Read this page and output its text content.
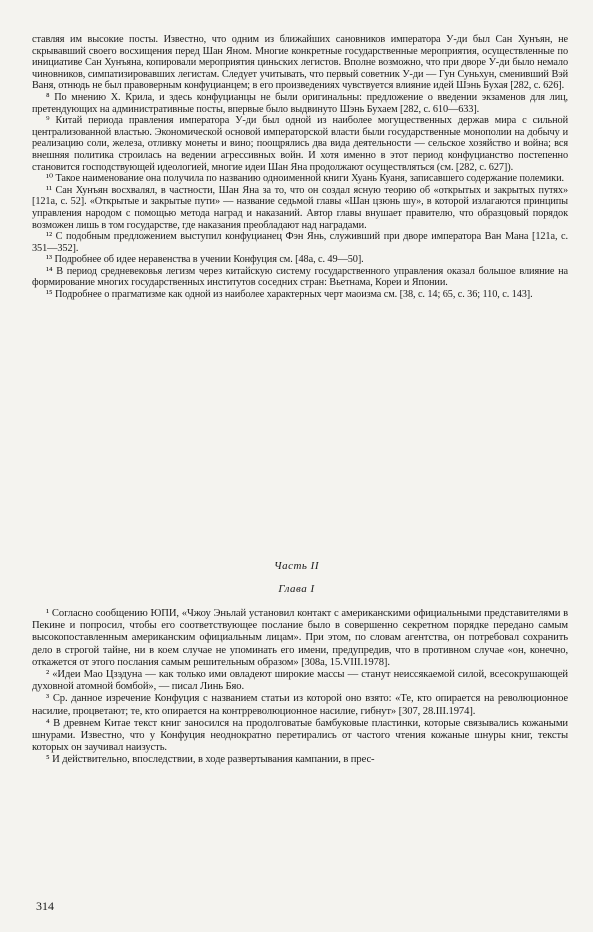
ставляя им высокие посты. Известно, что одним из ближайших сановников императора У-ди был Сан Хунъян, не скрывавший своего восхищения перед Шан Яном. Многие конкретные государственные мероприятия, осуществленные по инициативе Сан Хунъяна, копировали мероприятия циньских легистов. Вполне возможно, что при дворе У-ди было немало чиновников, симпатизировавших легистам. Следует учитывать, что первый советник У-ди — Гун Суньхун, сменивший Вэй Ваня, отнюдь не был правоверным конфуцианцем; в его произведениях чувствуется влияние идей Шэнь Бухая [282, с. 626].

⁸ По мнению Х. Крила, и здесь конфуцианцы не были оригинальны: предложение о введении экзаменов для лиц, претендующих на административные посты, впервые было выдвинуто Шэнь Бухаем [282, с. 610—633].

⁹ Китай периода правления императора У-ди был одной из наиболее могущественных держав мира с сильной централизованной властью. Экономической основой императорской власти были государственные монополии на добычу и реализацию соли, железа, отливку монеты и вино; поощрялись два вида деятельности — сельское хозяйство и война; вся внешняя политика строилась на ведении агрессивных войн. И хотя именно в этот период конфуцианство постепенно становится господствующей идеологией, многие идеи Шан Яна продолжают осуществляться (см. [282, с. 627]).

¹⁰ Такое наименование она получила по названию одноименной книги Хуань Куаня, записавшего содержание полемики.

¹¹ Сан Хунъян восхвалял, в частности, Шан Яна за то, что он создал ясную теорию об «открытых и закрытых путях» [121а, с. 52]. «Открытые и закрытые пути» — название седьмой главы «Шан цзюнь шу», в которой излагаются принципы управления народом с помощью метода наград и наказаний. Автор главы внушает правителю, что образцовый порядок возможен лишь в том государстве, где наказания преобладают над наградами.

¹² С подобным предложением выступил конфуцианец Фэн Янь, служивший при дворе императора Ван Мана [121а, с. 351—352].

¹³ Подробнее об идее неравенства в учении Конфуция см. [48а, с. 49—50].

¹⁴ В период средневековья легизм через китайскую систему государственного управления оказал большое влияние на формирование многих государственных институтов соседних стран: Вьетнама, Кореи и Японии.

¹⁵ Подробнее о прагматизме как одной из наиболее характерных черт маоизма см. [38, с. 14; 65, с. 36; 110, с. 143].

Часть II
Глава I

¹ Согласно сообщению ЮПИ, «Чжоу Эньлай установил контакт с американскими официальными представителями в Пекине и попросил, чтобы его соответствующее послание было в совершенно секретном порядке передано самым высокопоставленным американским официальным лицам». При этом, по словам агентства, он потребовал сохранить дело в строгой тайне, ни в коем случае не упоминать его имени, предупредив, что в противном случае «он, конечно, откажется от этого послания самым решительным образом» [308а, 15.VIII.1978].

² «Идеи Мао Цзэдуна — как только ими овладеют широкие массы — станут неиссякаемой силой, всесокрушающей духовной атомной бомбой», — писал Линь Бяо.

³ Ср. данное изречение Конфуция с названием статьи из которой оно взято: «Те, кто опирается на революционное насилие, процветают; те, кто опирается на контрреволюционное насилие, гибнут» [307, 28.III.1974].

⁴ В древнем Китае текст книг заносился на продолговатые бамбуковые пластинки, которые связывались кожаными шнурами. Известно, что у Конфуция неоднократно перетирались от частого чтения кожаные шнуры книг, тексты которых он заучивал наизусть.

⁵ И действительно, впоследствии, в ходе развертывания кампании, в прес-

314
